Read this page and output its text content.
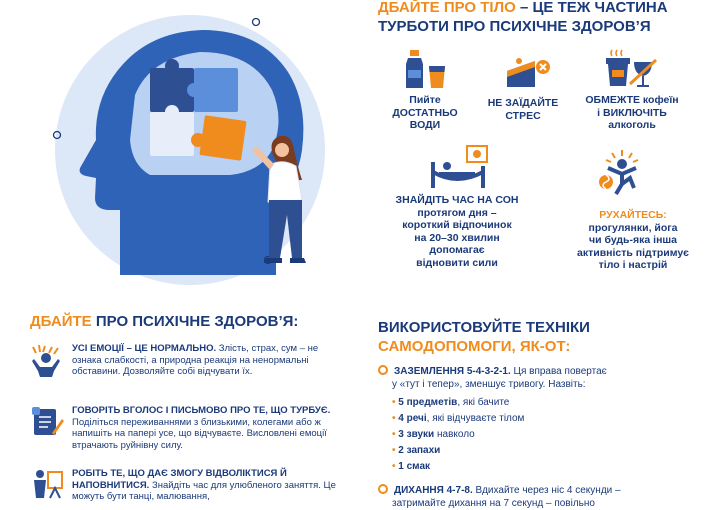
ДБАЙТЕ ПРО ТІЛО – ЦЕ ТЕЖ ЧАСТИНА
ТУРБОТИ ПРО ПСИХІЧНЕ ЗДОРОВ’Я
Пийте
ДОСТАТНЬО
ВОДИ
НЕ ЗАЇДАЙТЕ
СТРЕС
ОБМЕЖТЕ кофеїн
і ВИКЛЮЧІТЬ
алкоголь
ЗНАЙДІТЬ ЧАС НА СОН
протягом дня –
короткий відпочинок
на 20–30 хвилин
допомагає
відновити сили
РУХАЙТЕСЬ:
прогулянки, йога
чи будь-яка інша
активність підтримує
тіло і настрій
ДБАЙТЕ ПРО ПСИХІЧНЕ ЗДОРОВ’Я:
УСІ ЕМОЦІЇ – ЦЕ НОРМАЛЬНО. Злість, страх, сум – не ознака слабкості, а природна реакція на ненормальні обставини. Дозволяйте собі відчувати їх.
ГОВОРІТЬ ВГОЛОС І ПИСЬМОВО ПРО ТЕ, ЩО ТУРБУЄ. Поділіться переживаннями з близькими, колегами або ж напишіть на папері усе, що відчуваєте. Висловлені емоції втрачають руйнівну силу.
РОБІТЬ ТЕ, ЩО ДАЄ ЗМОГУ ВІДВОЛІКТИСЯ Й НАПОВНИТИСЯ. Знайдіть час для улюбленого заняття. Це можуть бути танці, малювання,
ВИКОРИСТОВУЙТЕ ТЕХНІКИ
САМОДОПОМОГИ, ЯК-ОТ:
ЗАЗЕМЛЕННЯ 5-4-3-2-1. Ця вправа повертає
у «тут і тепер», зменшує тривогу. Назвіть:
• 5 предметів, які бачите
• 4 речі, які відчуваєте тілом
• 3 звуки навколо
• 2 запахи
• 1 смак
ДИХАННЯ 4-7-8. Вдихайте через ніс 4 секунди –
затримайте дихання на 7 секунд – повільно
